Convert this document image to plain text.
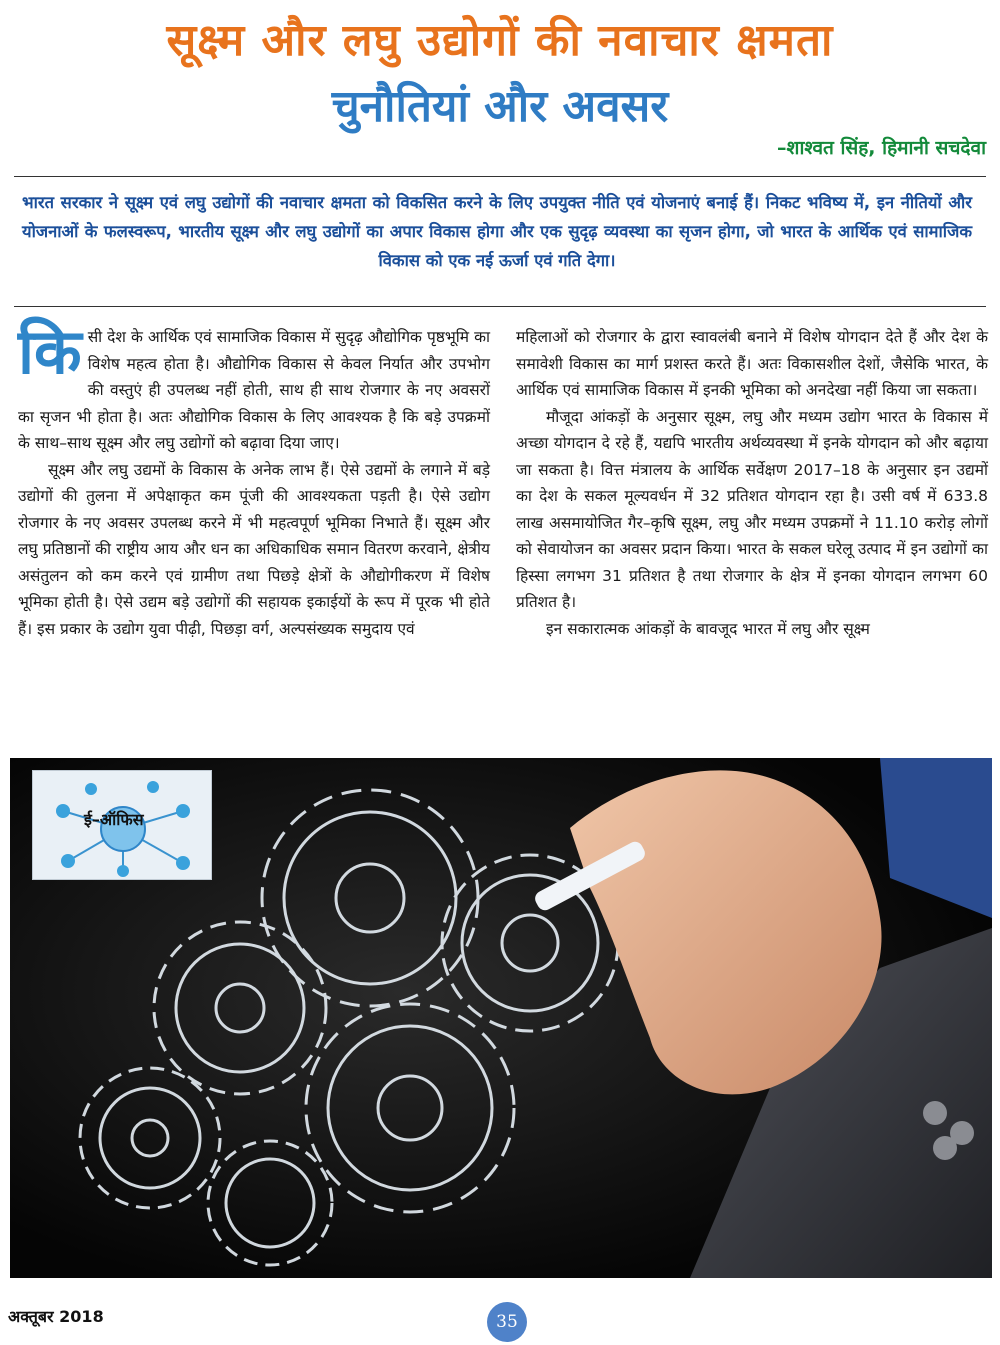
सूक्ष्म और लघु उद्योगों की नवाचार क्षमता
चुनौतियां और अवसर
–शाश्वत सिंह, हिमानी सचदेवा
भारत सरकार ने सूक्ष्म एवं लघु उद्योगों की नवाचार क्षमता को विकसित करने के लिए उपयुक्त नीति एवं योजनाएं बनाई हैं। निकट भविष्य में, इन नीतियों और योजनाओं के फलस्वरूप, भारतीय सूक्ष्म और लघु उद्योगों का अपार विकास होगा और एक सुदृढ़ व्यवस्था का सृजन होगा, जो भारत के आर्थिक एवं सामाजिक विकास को एक नई ऊर्जा एवं गति देगा।

किसी देश के आर्थिक एवं सामाजिक विकास में सुदृढ़ औद्योगिक पृष्ठभूमि का विशेष महत्व होता है। औद्योगिक विकास से केवल निर्यात और उपभोग की वस्तुएं ही उपलब्ध नहीं होती, साथ ही साथ रोजगार के नए अवसरों का सृजन भी होता है। अतः औद्योगिक विकास के लिए आवश्यक है कि बड़े उपक्रमों के साथ–साथ सूक्ष्म और लघु उद्योगों को बढ़ावा दिया जाए।

सूक्ष्म और लघु उद्यमों के विकास के अनेक लाभ हैं। ऐसे उद्यमों के लगाने में बड़े उद्योगों की तुलना में अपेक्षाकृत कम पूंजी की आवश्यकता पड़ती है। ऐसे उद्योग रोजगार के नए अवसर उपलब्ध करने में भी महत्वपूर्ण भूमिका निभाते हैं। सूक्ष्म और लघु प्रतिष्ठानों की राष्ट्रीय आय और धन का अधिकाधिक समान वितरण करवाने, क्षेत्रीय असंतुलन को कम करने एवं ग्रामीण तथा पिछड़े क्षेत्रों के औद्योगीकरण में विशेष भूमिका होती है। ऐसे उद्यम बड़े उद्योगों की सहायक इकाईयों के रूप में पूरक भी होते हैं। इस प्रकार के उद्योग युवा पीढ़ी, पिछड़ा वर्ग, अल्पसंख्यक समुदाय एवं

महिलाओं को रोजगार के द्वारा स्वावलंबी बनाने में विशेष योगदान देते हैं और देश के समावेशी विकास का मार्ग प्रशस्त करते हैं। अतः विकासशील देशों, जैसेकि भारत, के आर्थिक एवं सामाजिक विकास में इनकी भूमिका को अनदेखा नहीं किया जा सकता।

मौजूदा आंकड़ों के अनुसार सूक्ष्म, लघु और मध्यम उद्योग भारत के विकास में अच्छा योगदान दे रहे हैं, यद्यपि भारतीय अर्थव्यवस्था में इनके योगदान को और बढ़ाया जा सकता है। वित्त मंत्रालय के आर्थिक सर्वेक्षण 2017–18 के अनुसार इन उद्यमों का देश के सकल मूल्यवर्धन में 32 प्रतिशत योगदान रहा है। उसी वर्ष में 633.8 लाख असमायोजित गैर–कृषि सूक्ष्म, लघु और मध्यम उपक्रमों ने 11.10 करोड़ लोगों को सेवायोजन का अवसर प्रदान किया। भारत के सकल घरेलू उत्पाद में इन उद्योगों का हिस्सा लगभग 31 प्रतिशत है तथा रोजगार के क्षेत्र में इनका योगदान लगभग 60 प्रतिशत है।

इन सकारात्मक आंकड़ों के बावजूद भारत में लघु और सूक्ष्म

ई–ऑफिस
अक्तूबर 2018	35
